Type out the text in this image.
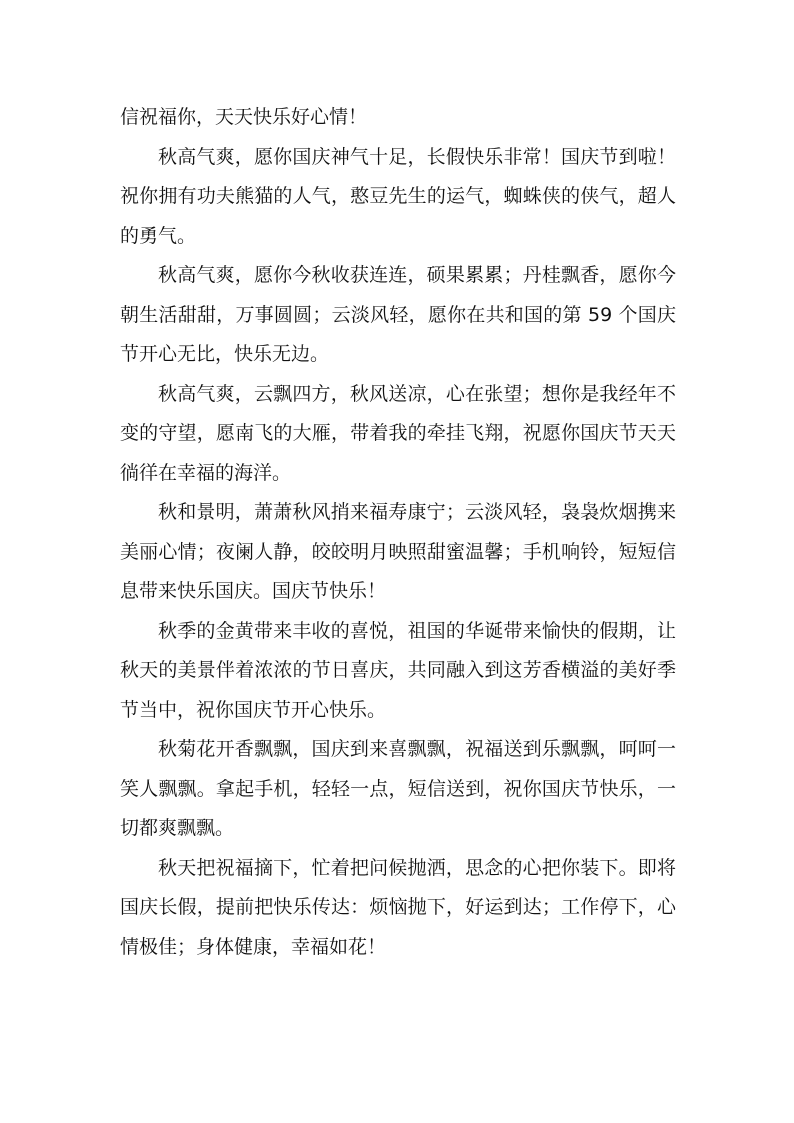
信祝福你，天天快乐好心情！

秋高气爽，愿你国庆神气十足，长假快乐非常！国庆节到啦！祝你拥有功夫熊猫的人气，憨豆先生的运气，蜘蛛侠的侠气，超人的勇气。

秋高气爽，愿你今秋收获连连，硕果累累；丹桂飘香，愿你今朝生活甜甜，万事圆圆；云淡风轻，愿你在共和国的第 59 个国庆节开心无比，快乐无边。

秋高气爽，云飘四方，秋风送凉，心在张望；想你是我经年不变的守望，愿南飞的大雁，带着我的牵挂飞翔，祝愿你国庆节天天徜徉在幸福的海洋。

秋和景明，萧萧秋风捎来福寿康宁；云淡风轻，袅袅炊烟携来美丽心情；夜阑人静，皎皎明月映照甜蜜温馨；手机响铃，短短信息带来快乐国庆。国庆节快乐！

秋季的金黄带来丰收的喜悦，祖国的华诞带来愉快的假期，让秋天的美景伴着浓浓的节日喜庆，共同融入到这芳香横溢的美好季节当中，祝你国庆节开心快乐。

秋菊花开香飘飘，国庆到来喜飘飘，祝福送到乐飘飘，呵呵一笑人飘飘。拿起手机，轻轻一点，短信送到，祝你国庆节快乐，一切都爽飘飘。

秋天把祝福摘下，忙着把问候抛洒，思念的心把你装下。即将国庆长假，提前把快乐传达：烦恼抛下，好运到达；工作停下，心情极佳；身体健康，幸福如花！
